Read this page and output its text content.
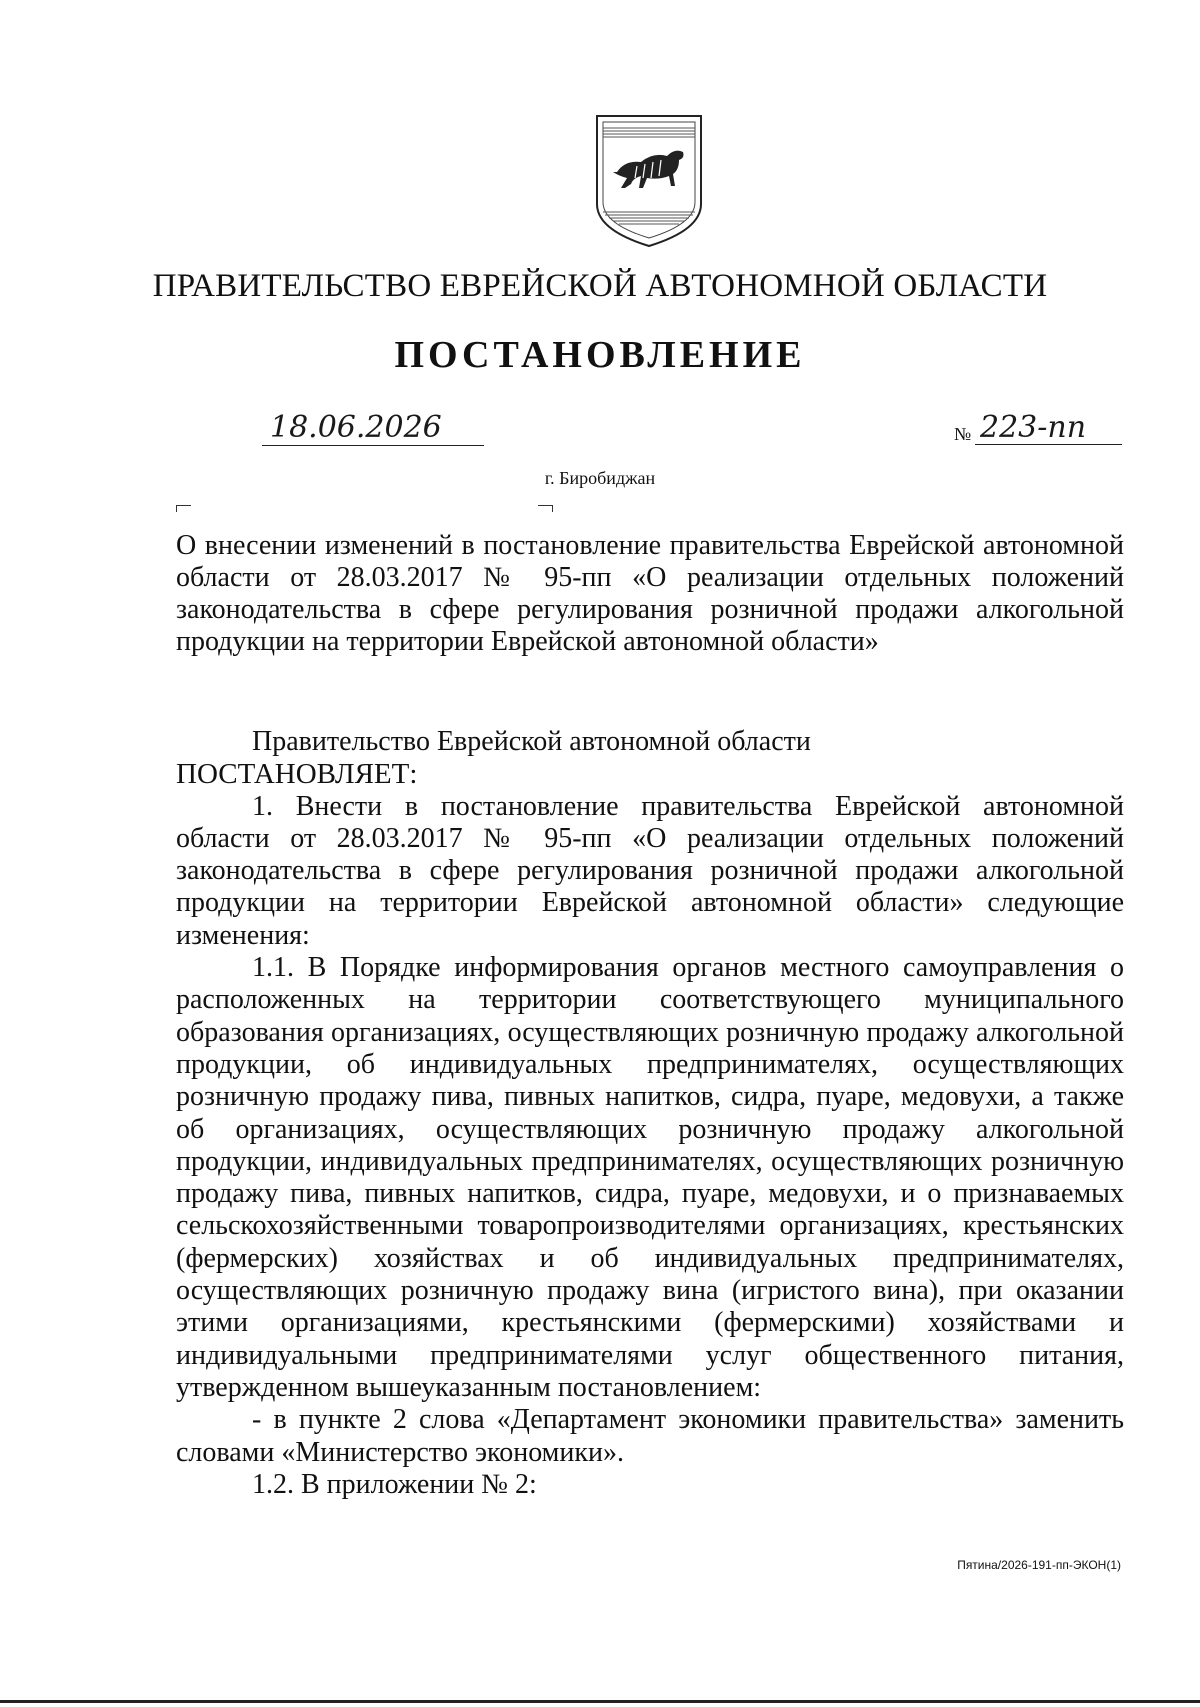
ПРАВИТЕЛЬСТВО ЕВРЕЙСКОЙ АВТОНОМНОЙ ОБЛАСТИ
ПОСТАНОВЛЕНИЕ
18.06.2026	№ 223-пп
г. Биробиджан
О внесении изменений в постановление правительства Еврейской автономной области от 28.03.2017 № 95-пп «О реализации отдельных положений законодательства в сфере регулирования розничной продажи алкогольной продукции на территории Еврейской автономной области»

Правительство Еврейской автономной области

ПОСТАНОВЛЯЕТ:

1. Внести в постановление правительства Еврейской автономной области от 28.03.2017 № 95-пп «О реализации отдельных положений законодательства в сфере регулирования розничной продажи алкогольной продукции на территории Еврейской автономной области» следующие изменения:

1.1. В Порядке информирования органов местного самоуправления о расположенных на территории соответствующего муниципального образования организациях, осуществляющих розничную продажу алкогольной продукции, об индивидуальных предпринимателях, осуществляющих розничную продажу пива, пивных напитков, сидра, пуаре, медовухи, а также об организациях, осуществляющих розничную продажу алкогольной продукции, индивидуальных предпринимателях, осуществляющих розничную продажу пива, пивных напитков, сидра, пуаре, медовухи, и о признаваемых сельскохозяйственными товаропроизводителями организациях, крестьянских (фермерских) хозяйствах и об индивидуальных предпринимателях, осуществляющих розничную продажу вина (игристого вина), при оказании этими организациями, крестьянскими (фермерскими) хозяйствами и индивидуальными предпринимателями услуг общественного питания, утвержденном вышеуказанным постановлением:

- в пункте 2 слова «Департамент экономики правительства» заменить словами «Министерство экономики».

1.2. В приложении № 2:

Пятина/2026-191-пп-ЭКОН(1)
